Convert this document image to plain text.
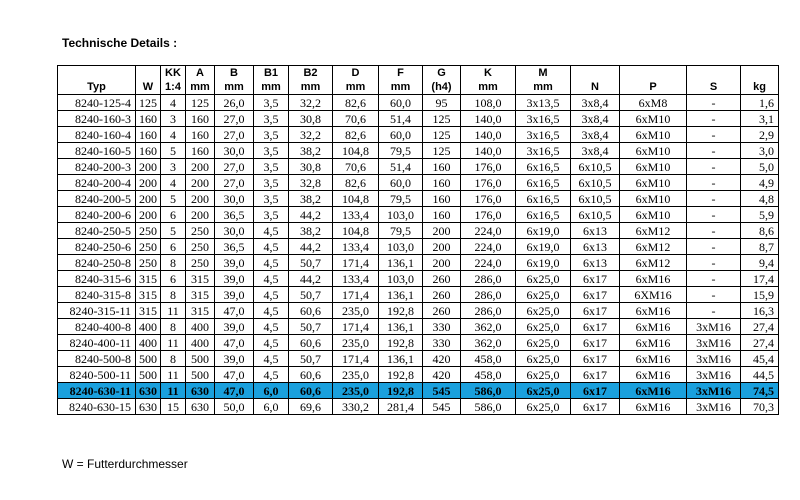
Technische Details :
		KK	A	B	B1	B2	D	F	G	K	M				
Typ	W	1:4	mm	mm	mm	mm	mm	mm	(h4)	mm	mm	N	P	S	kg
8240-125-4	125	4	125	26,0	3,5	32,2	82,6	60,0	95	108,0	3x13,5	3x8,4	6xM8	-	1,6
8240-160-3	160	3	160	27,0	3,5	30,8	70,6	51,4	125	140,0	3x16,5	3x8,4	6xM10	-	3,1
8240-160-4	160	4	160	27,0	3,5	32,2	82,6	60,0	125	140,0	3x16,5	3x8,4	6xM10	-	2,9
8240-160-5	160	5	160	30,0	3,5	38,2	104,8	79,5	125	140,0	3x16,5	3x8,4	6xM10	-	3,0
8240-200-3	200	3	200	27,0	3,5	30,8	70,6	51,4	160	176,0	6x16,5	6x10,5	6xM10	-	5,0
8240-200-4	200	4	200	27,0	3,5	32,8	82,6	60,0	160	176,0	6x16,5	6x10,5	6xM10	-	4,9
8240-200-5	200	5	200	30,0	3,5	38,2	104,8	79,5	160	176,0	6x16,5	6x10,5	6xM10	-	4,8
8240-200-6	200	6	200	36,5	3,5	44,2	133,4	103,0	160	176,0	6x16,5	6x10,5	6xM10	-	5,9
8240-250-5	250	5	250	30,0	4,5	38,2	104,8	79,5	200	224,0	6x19,0	6x13	6xM12	-	8,6
8240-250-6	250	6	250	36,5	4,5	44,2	133,4	103,0	200	224,0	6x19,0	6x13	6xM12	-	8,7
8240-250-8	250	8	250	39,0	4,5	50,7	171,4	136,1	200	224,0	6x19,0	6x13	6xM12	-	9,4
8240-315-6	315	6	315	39,0	4,5	44,2	133,4	103,0	260	286,0	6x25,0	6x17	6xM16	-	17,4
8240-315-8	315	8	315	39,0	4,5	50,7	171,4	136,1	260	286,0	6x25,0	6x17	6XM16	-	15,9
8240-315-11	315	11	315	47,0	4,5	60,6	235,0	192,8	260	286,0	6x25,0	6x17	6xM16	-	16,3
8240-400-8	400	8	400	39,0	4,5	50,7	171,4	136,1	330	362,0	6x25,0	6x17	6xM16	3xM16	27,4
8240-400-11	400	11	400	47,0	4,5	60,6	235,0	192,8	330	362,0	6x25,0	6x17	6xM16	3xM16	27,4
8240-500-8	500	8	500	39,0	4,5	50,7	171,4	136,1	420	458,0	6x25,0	6x17	6xM16	3xM16	45,4
8240-500-11	500	11	500	47,0	4,5	60,6	235,0	192,8	420	458,0	6x25,0	6x17	6xM16	3xM16	44,5
8240-630-11	630	11	630	47,0	6,0	60,6	235,0	192,8	545	586,0	6x25,0	6x17	6xM16	3xM16	74,5
8240-630-15	630	15	630	50,0	6,0	69,6	330,2	281,4	545	586,0	6x25,0	6x17	6xM16	3xM16	70,3
W = Futterdurchmesser
